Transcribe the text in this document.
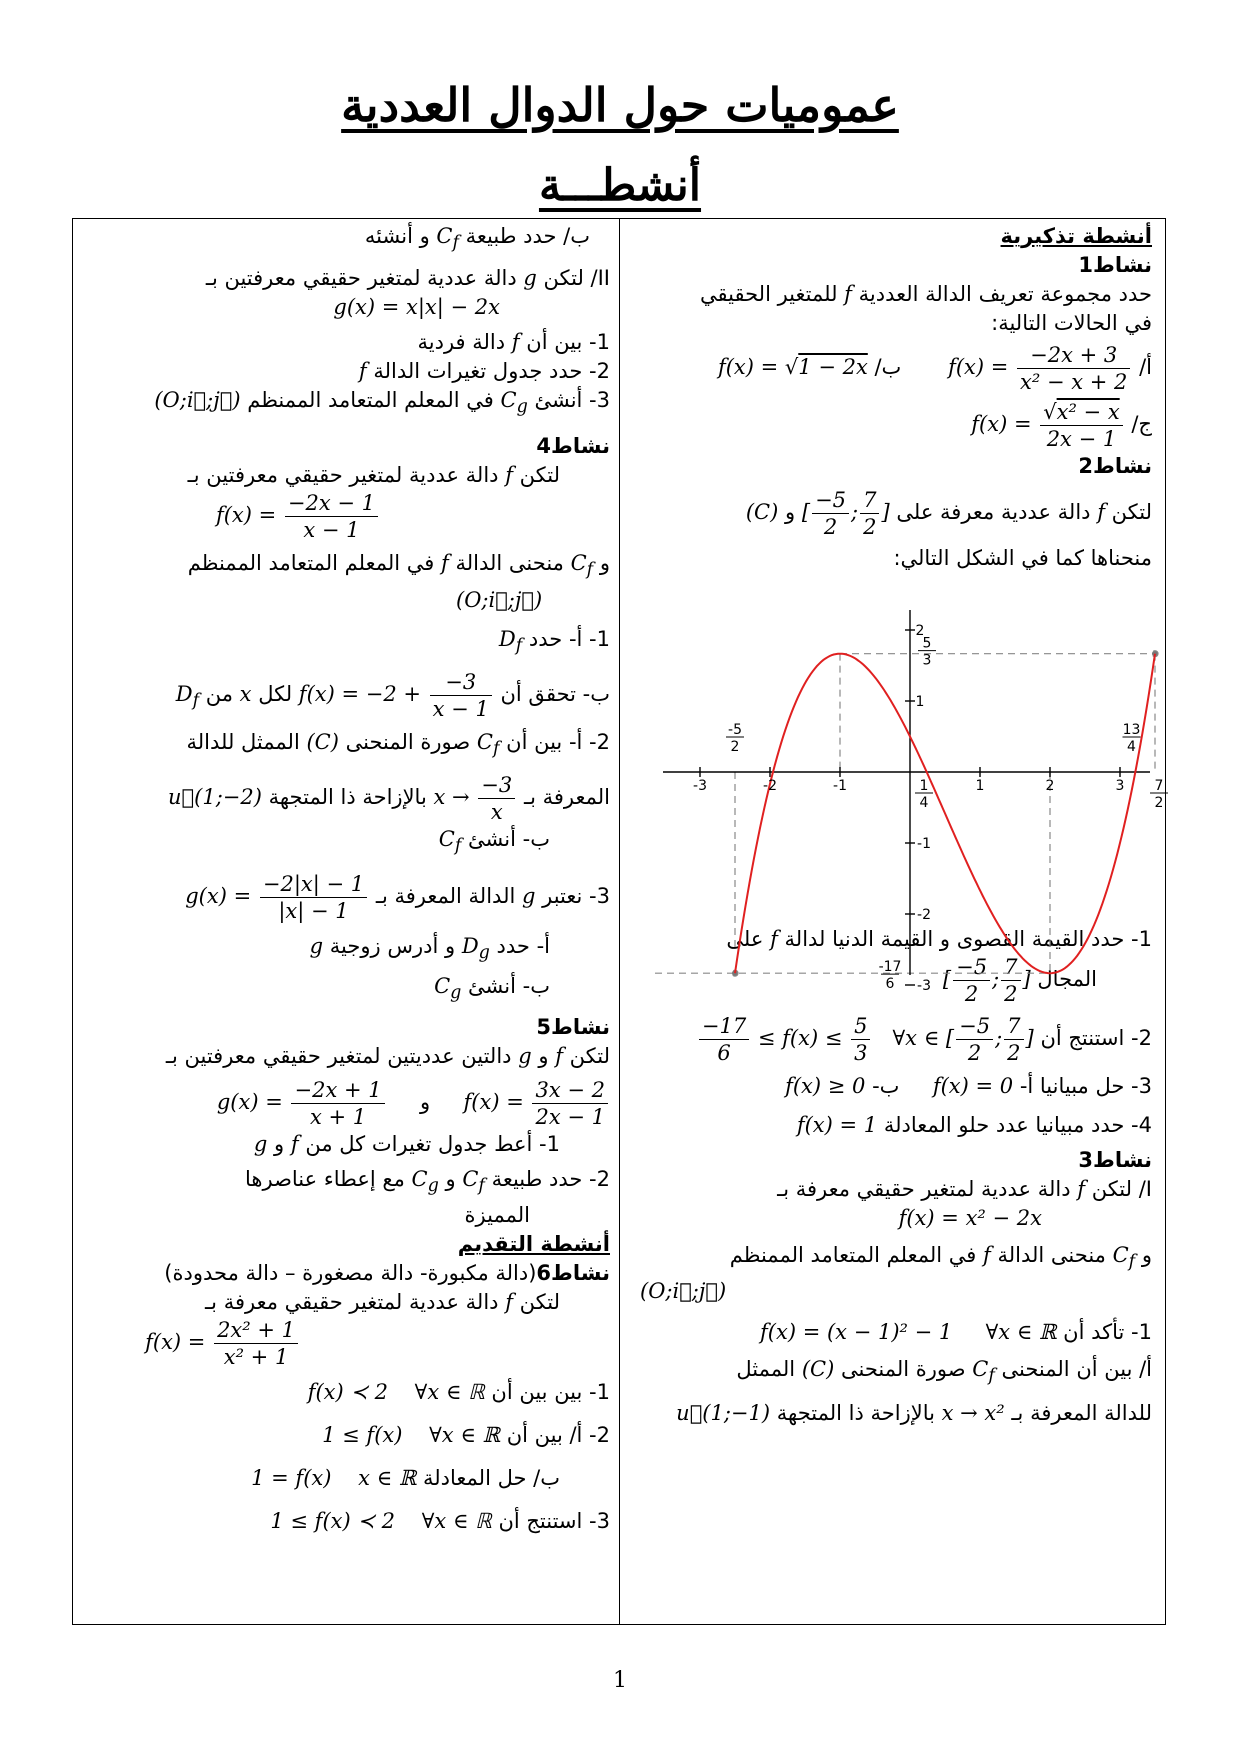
عموميات حول الدوال العددية
أنشطـــة
أنشطة تذكيرية
نشاط1
حدد مجموعة تعريف الدالة العددية f للمتغير الحقيقي
في الحالات التالية:
أ/ $f(x) = \frac{-2x + 3}{\text{x² − x + 2}}$
ب/ f(x) = √1 − 2x
ج/ $f(x) = \frac{\text{√x² − x}}{2x - 1}$
نشاط2
لتكن f دالة عددية معرفة على [ $\frac{-5}{2}$ ; $\frac{7}{2}$ ] و (C)
منحناها كما في الشكل التالي:
1- حدد القيمة القصوى و القيمة الدنيا لدالة f على
المجال [ $\frac{-5}{2}$ ; $\frac{7}{2}$ ]
2- استنتج أن
$\frac{-17}{6} \le f(x) \le \frac{5}{3}$ ∀x ∈ [ $\frac{-5}{2}$ ; $\frac{7}{2}$ ]
3- حل مبيانيا أ- f(x) = 0     ب- f(x) ≥ 0
4- حدد مبيانيا عدد حلو المعادلة f(x) = 1
نشاط3
I/ لتكن f دالة عددية لمتغير حقيقي معرفة بـ
f(x) = x² − 2x
و $C_f$ منحنى الدالة f في المعلم المتعامد الممنظم
(O;i⃗;j⃗)
1- تأكد أن f(x) = (x − 1)² − 1     ∀x ∈ ℝ
أ/ بين أن المنحنى $C_f$ صورة المنحنى (C) الممثل
للدالة المعرفة بـ x → x² بالإزاحة ذا المتجهة u⃗(1;−1)
-3	-2	-1	1	2	3
2
1
-1
-2
-3
-5
2
5
3
1
4
13
4
7
2
-17
6
ب/ حدد طبيعة $C_f$ و أنشئه
II/ لتكن g دالة عددية لمتغير حقيقي معرفتين بـ
g(x) = x|x| − 2x
1- بين أن f دالة فردية
2- حدد جدول تغيرات الدالة f
3- أنشئ $C_g$ في المعلم المتعامد الممنظم (O;i⃗;j⃗)
نشاط4
لتكن f دالة عددية لمتغير حقيقي معرفتين بـ
$f(x) = \frac{-2x - 1}{x - 1}$
و $C_f$ منحنى الدالة f في المعلم المتعامد الممنظم
(O;i⃗;j⃗)
1- أ- حدد $D_f$
ب- تحقق أن $f(x) = -2 + \frac{-3}{x - 1}$
لكل x من $D_f$
2- أ- بين أن $C_f$ صورة المنحنى (C) الممثل للدالة
المعرفة بـ $x \to \frac{-3}{x}$
بالإزاحة ذا المتجهة u⃗(1;−2)
ب- أنشئ $C_f$
3- نعتبر g الدالة المعرفة بـ $g(x) = \frac{-2|x| - 1}{|x| - 1}$
أ- حدد $D_g$ و أدرس زوجية g
ب- أنشئ $C_g$
نشاط5
لتكن f و g دالتين عدديتين لمتغير حقيقي معرفتين بـ
$f(x) = \frac{3x - 2}{2x - 1}$
و     $g(x) = \frac{-2x + 1}{x + 1}$
1- أعط جدول تغيرات كل من f و g
2- حدد طبيعة $C_f$ و $C_g$ مع إعطاء عناصرها
المميزة
أنشطة التقديم
نشاط6(دالة مكبورة- دالة مصغورة – دالة محدودة)
لتكن f دالة عددية لمتغير حقيقي معرفة بـ
$f(x) = \frac{\text{2x² + 1}}{\text{x² + 1}}$
1- بين بين أن f(x) ≺ 2    ∀x ∈ ℝ
2- أ/ بين أن 1 ≤ f(x)    ∀x ∈ ℝ
ب/ حل المعادلة 1 = f(x)    x ∈ ℝ
3- استنتج أن 1 ≤ f(x) ≺ 2    ∀x ∈ ℝ
1
